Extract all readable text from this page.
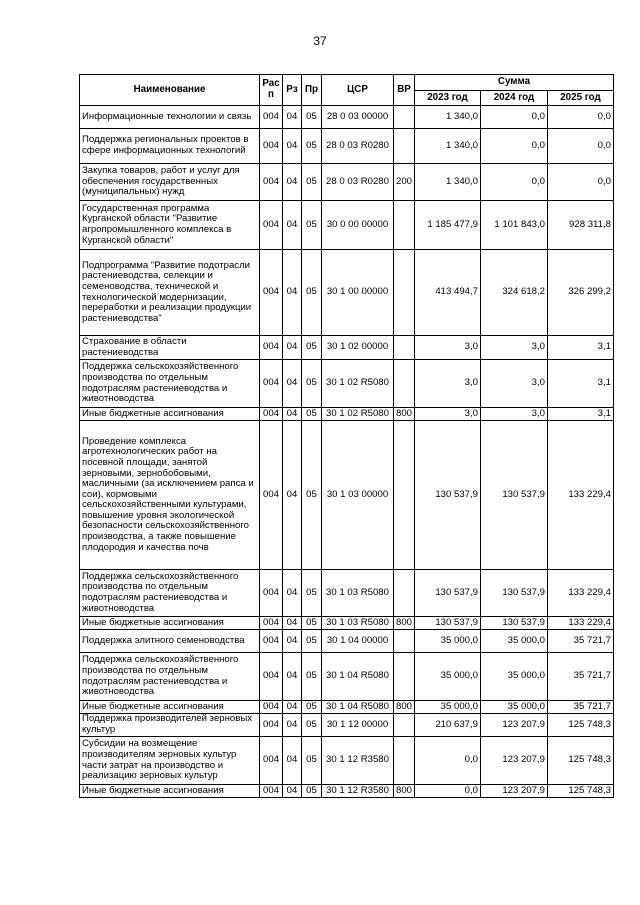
37
Наименование	Рас п	Рз	Пр	ЦСР	ВР	Сумма		
						2023 год	2024 год	2025 год
Информационные технологии и связь	004	04	05	28 0 03 00000		1 340,0	0,0	0,0
Поддержка региональных проектов в сфере информационных технологий	004	04	05	28 0 03 R0280		1 340,0	0,0	0,0
Закупка товаров, работ и услуг для обеспечения государственных (муниципальных) нужд	004	04	05	28 0 03 R0280	200	1 340,0	0,0	0,0
Государственная программа Курганской области "Развитие агропромышленного комплекса в Курганской области"	004	04	05	30 0 00 00000		1 185 477,9	1 101 843,0	928 311,8
Подпрограмма "Развитие подотрасли растениеводства, селекции и семеноводства, технической и технологической модернизации, переработки и реализации продукции растениеводства"	004	04	05	30 1 00 00000		413 494,7	324 618,2	326 299,2
Страхование в области растениеводства	004	04	05	30 1 02 00000		3,0	3,0	3,1
Поддержка сельскохозяйственного производства по отдельным подотраслям растениеводства и животноводства	004	04	05	30 1 02 R5080		3,0	3,0	3,1
Иные бюджетные ассигнования	004	04	05	30 1 02 R5080	800	3,0	3,0	3,1
Проведение комплекса агротехнологических работ на посевной площади, занятой зерновыми, зернобобовыми, масличными (за исключением рапса и сои), кормовыми сельскохозяйственными культурами, повышение уровня экологической безопасности сельскохозяйственного производства, а также повышение плодородия и качества почв	004	04	05	30 1 03 00000		130 537,9	130 537,9	133 229,4
Поддержка сельскохозяйственного производства по отдельным подотраслям растениеводства и животноводства	004	04	05	30 1 03 R5080		130 537,9	130 537,9	133 229,4
Иные бюджетные ассигнования	004	04	05	30 1 03 R5080	800	130 537,9	130 537,9	133 229,4
Поддержка элитного семеноводства	004	04	05	30 1 04 00000		35 000,0	35 000,0	35 721,7
Поддержка сельскохозяйственного производства по отдельным подотраслям растениеводства и животноводства	004	04	05	30 1 04 R5080		35 000,0	35 000,0	35 721,7
Иные бюджетные ассигнования	004	04	05	30 1 04 R5080	800	35 000,0	35 000,0	35 721,7
Поддержка производителей зерновых культур	004	04	05	30 1 12 00000		210 637,9	123 207,9	125 748,3
Субсидии на возмещение производителям зерновых культур части затрат на производство и реализацию зерновых культур	004	04	05	30 1 12 R3580		0,0	123 207,9	125 748,3
Иные бюджетные ассигнования	004	04	05	30 1 12 R3580	800	0,0	123 207,9	125 748,3
